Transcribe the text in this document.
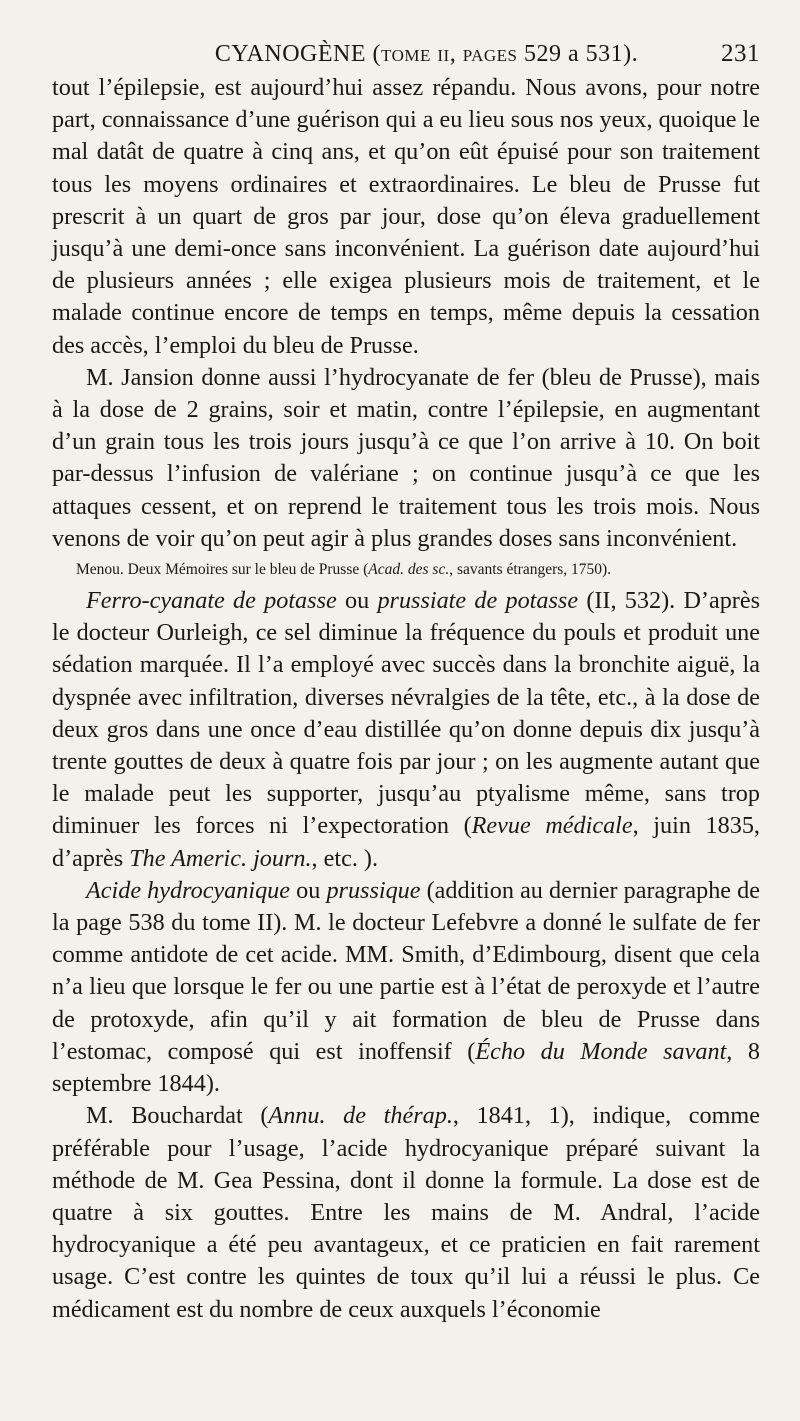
CYANOGÈNE (tome ii, pages 529 a 531).	231

tout l’épilepsie, est aujourd’hui assez répandu. Nous avons, pour notre part, connaissance d’une guérison qui a eu lieu sous nos yeux, quoique le mal datât de quatre à cinq ans, et qu’on eût épuisé pour son traitement tous les moyens ordinaires et extraordinaires. Le bleu de Prusse fut prescrit à un quart de gros par jour, dose qu’on éleva graduellement jusqu’à une demi-once sans inconvénient. La guérison date aujourd’hui de plusieurs années ; elle exigea plusieurs mois de traitement, et le malade continue encore de temps en temps, même depuis la cessation des accès, l’emploi du bleu de Prusse.

M. Jansion donne aussi l’hydrocyanate de fer (bleu de Prusse), mais à la dose de 2 grains, soir et matin, contre l’épilepsie, en augmentant d’un grain tous les trois jours jusqu’à ce que l’on arrive à 10. On boit par-dessus l’infusion de valériane ; on continue jusqu’à ce que les attaques cessent, et on reprend le traitement tous les trois mois. Nous venons de voir qu’on peut agir à plus grandes doses sans inconvénient.

Menou. Deux Mémoires sur le bleu de Prusse (Acad. des sc., savants étrangers, 1750).

Ferro-cyanate de potasse ou prussiate de potasse (II, 532). D’après le docteur Ourleigh, ce sel diminue la fréquence du pouls et produit une sédation marquée. Il l’a employé avec succès dans la bronchite aiguë, la dyspnée avec infiltration, diverses névralgies de la tête, etc., à la dose de deux gros dans une once d’eau distillée qu’on donne depuis dix jusqu’à trente gouttes de deux à quatre fois par jour ; on les augmente autant que le malade peut les supporter, jusqu’au ptyalisme même, sans trop diminuer les forces ni l’expectoration (Revue médicale, juin 1835, d’après The Americ. journ., etc. ).

Acide hydrocyanique ou prussique (addition au dernier paragraphe de la page 538 du tome II). M. le docteur Lefebvre a donné le sulfate de fer comme antidote de cet acide. MM. Smith, d’Edimbourg, disent que cela n’a lieu que lorsque le fer ou une partie est à l’état de peroxyde et l’autre de protoxyde, afin qu’il y ait formation de bleu de Prusse dans l’estomac, composé qui est inoffensif (Écho du Monde savant, 8 septembre 1844).

M. Bouchardat (Annu. de thérap., 1841, 1), indique, comme préférable pour l’usage, l’acide hydrocyanique préparé suivant la méthode de M. Gea Pessina, dont il donne la formule. La dose est de quatre à six gouttes. Entre les mains de M. Andral, l’acide hydrocyanique a été peu avantageux, et ce praticien en fait rarement usage. C’est contre les quintes de toux qu’il lui a réussi le plus. Ce médicament est du nombre de ceux auxquels l’économie
